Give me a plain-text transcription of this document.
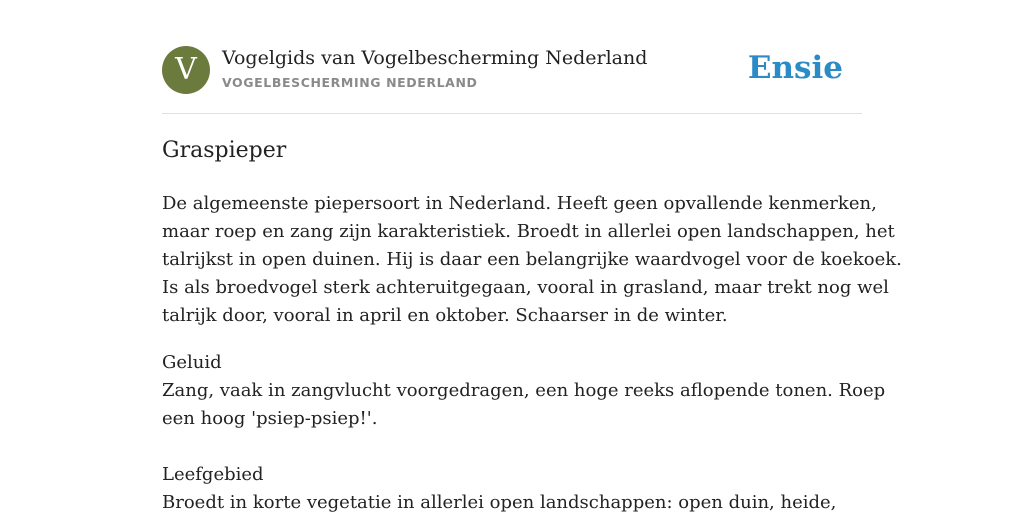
V	Vogelgids van Vogelbescherming Nederland
VOGELBESCHERMING NEDERLAND	Ensie
Graspieper

De algemeenste piepersoort in Nederland. Heeft geen opvallende kenmerken,
maar roep en zang zijn karakteristiek. Broedt in allerlei open landschappen, het
talrijkst in open duinen. Hij is daar een belangrijke waardvogel voor de koekoek.
Is als broedvogel sterk achteruitgegaan, vooral in grasland, maar trekt nog wel
talrijk door, vooral in april en oktober. Schaarser in de winter.

Geluid
Zang, vaak in zangvlucht voorgedragen, een hoge reeks aflopende tonen. Roep
een hoog 'psiep-psiep!'.
Leefgebied
Broedt in korte vegetatie in allerlei open landschappen: open duin, heide,
